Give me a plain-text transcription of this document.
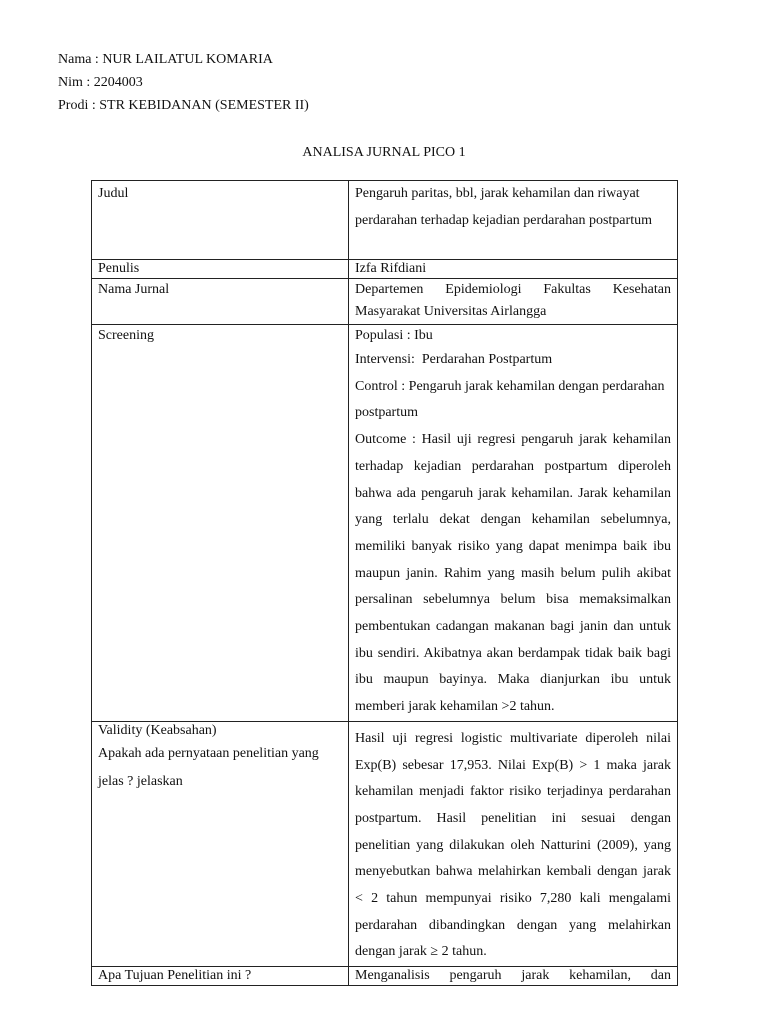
Nama : NUR LAILATUL KOMARIA
Nim : 2204003
Prodi : STR KEBIDANAN (SEMESTER II)
ANALISA JURNAL PICO 1
Judul	Pengaruh paritas, bbl, jarak kehamilan dan riwayat perdarahan terhadap kejadian perdarahan postpartum
Penulis	Izfa Rifdiani
Nama Jurnal	Departemen Epidemiologi Fakultas Kesehatan Masyarakat Universitas Airlangga
Screening	Populasi : Ibu
Intervensi:  Perdarahan Postpartum
Control : Pengaruh jarak kehamilan dengan perdarahan postpartum
Outcome : Hasil uji regresi pengaruh jarak kehamilan terhadap kejadian perdarahan postpartum diperoleh bahwa ada pengaruh jarak kehamilan. Jarak kehamilan yang terlalu dekat dengan kehamilan sebelumnya, memiliki banyak risiko yang dapat menimpa baik ibu maupun janin. Rahim yang masih belum pulih akibat persalinan sebelumnya belum bisa memaksimalkan pembentukan cadangan makanan bagi janin dan untuk ibu sendiri. Akibatnya akan berdampak tidak baik bagi ibu maupun bayinya. Maka dianjurkan ibu untuk memberi jarak kehamilan >2 tahun.

Validity (Keabsahan)
Apakah ada pernyataan penelitian yang jelas ? jelaskan	Hasil uji regresi logistic multivariate diperoleh nilai Exp(B) sebesar 17,953. Nilai Exp(B) > 1 maka jarak kehamilan menjadi faktor risiko terjadinya perdarahan postpartum. Hasil penelitian ini sesuai dengan penelitian yang dilakukan oleh Natturini (2009), yang menyebutkan bahwa melahirkan kembali dengan jarak < 2 tahun mempunyai risiko 7,280 kali mengalami perdarahan dibandingkan dengan yang melahirkan dengan jarak ≥ 2 tahun.
Apa Tujuan Penelitian ini ?	Menganalisis pengaruh jarak kehamilan, dan
